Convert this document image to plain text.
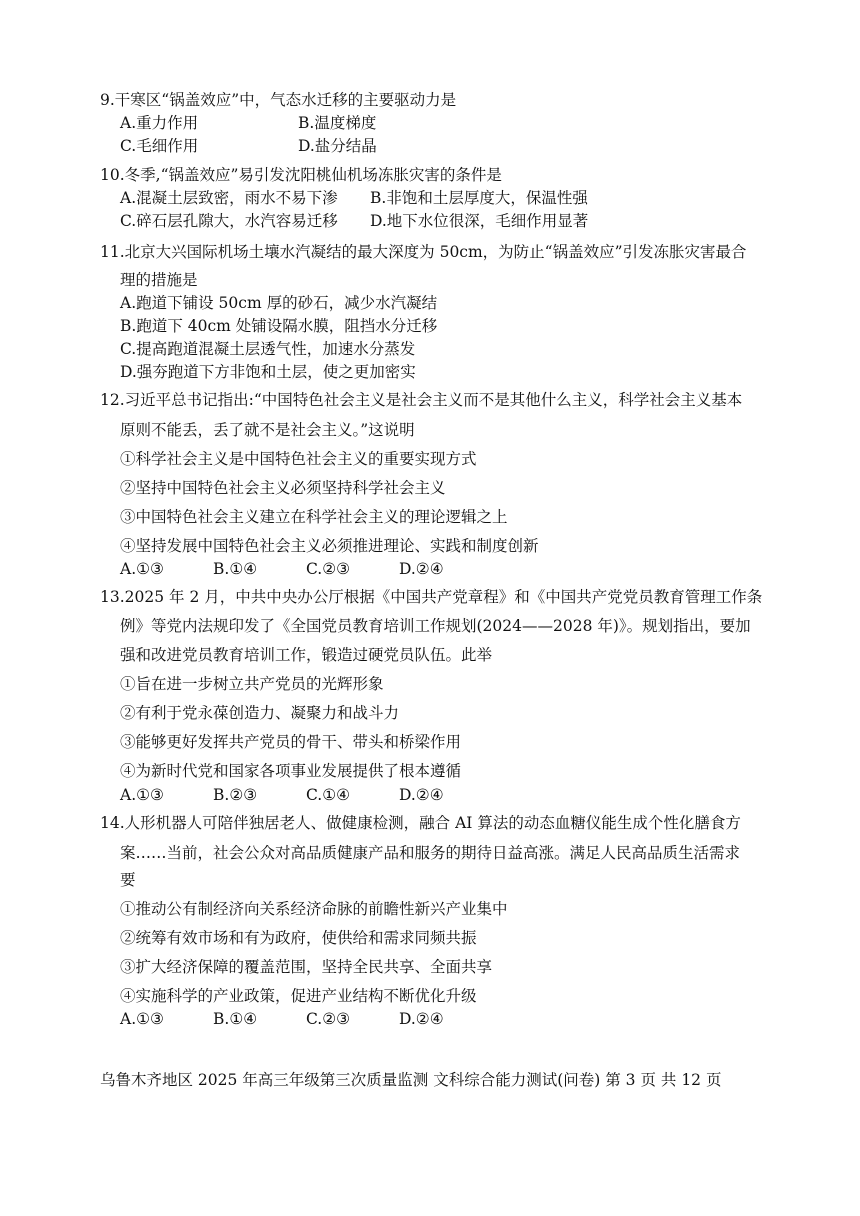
9.干寒区“锅盖效应”中，气态水迁移的主要驱动力是
A.重力作用	B.温度梯度
C.毛细作用	D.盐分结晶
10.冬季,“锅盖效应”易引发沈阳桃仙机场冻胀灾害的条件是
A.混凝土层致密，雨水不易下渗 B.非饱和土层厚度大，保温性强
C.碎石层孔隙大，水汽容易迁移 D.地下水位很深，毛细作用显著
11.北京大兴国际机场土壤水汽凝结的最大深度为 50cm，为防止“锅盖效应”引发冻胀灾害最合
理的措施是
A.跑道下铺设 50cm 厚的砂石，减少水汽凝结
B.跑道下 40cm 处铺设隔水膜，阻挡水分迁移
C.提高跑道混凝土层透气性，加速水分蒸发
D.强夯跑道下方非饱和土层，使之更加密实
12.习近平总书记指出:“中国特色社会主义是社会主义而不是其他什么主义，科学社会主义基本
原则不能丢，丢了就不是社会主义。”这说明
①科学社会主义是中国特色社会主义的重要实现方式
②坚持中国特色社会主义必须坚持科学社会主义
③中国特色社会主义建立在科学社会主义的理论逻辑之上
④坚持发展中国特色社会主义必须推进理论、实践和制度创新
A.①③	B.①④	C.②③	D.②④
13.2025 年 2 月，中共中央办公厅根据《中国共产党章程》和《中国共产党党员教育管理工作条
例》等党内法规印发了《全国党员教育培训工作规划(2024——2028 年)》。规划指出，要加
强和改进党员教育培训工作，锻造过硬党员队伍。此举
①旨在进一步树立共产党员的光辉形象
②有利于党永葆创造力、凝聚力和战斗力
③能够更好发挥共产党员的骨干、带头和桥梁作用
④为新时代党和国家各项事业发展提供了根本遵循
A.①③	B.②③	C.①④	D.②④
14.人形机器人可陪伴独居老人、做健康检测，融合 AI 算法的动态血糖仪能生成个性化膳食方
案……当前，社会公众对高品质健康产品和服务的期待日益高涨。满足人民高品质生活需求
要
①推动公有制经济向关系经济命脉的前瞻性新兴产业集中
②统筹有效市场和有为政府，使供给和需求同频共振
③扩大经济保障的覆盖范围，坚持全民共享、全面共享
④实施科学的产业政策，促进产业结构不断优化升级
A.①③	B.①④	C.②③	D.②④
乌鲁木齐地区 2025 年高三年级第三次质量监测 文科综合能力测试(问卷) 第 3 页 共 12 页
